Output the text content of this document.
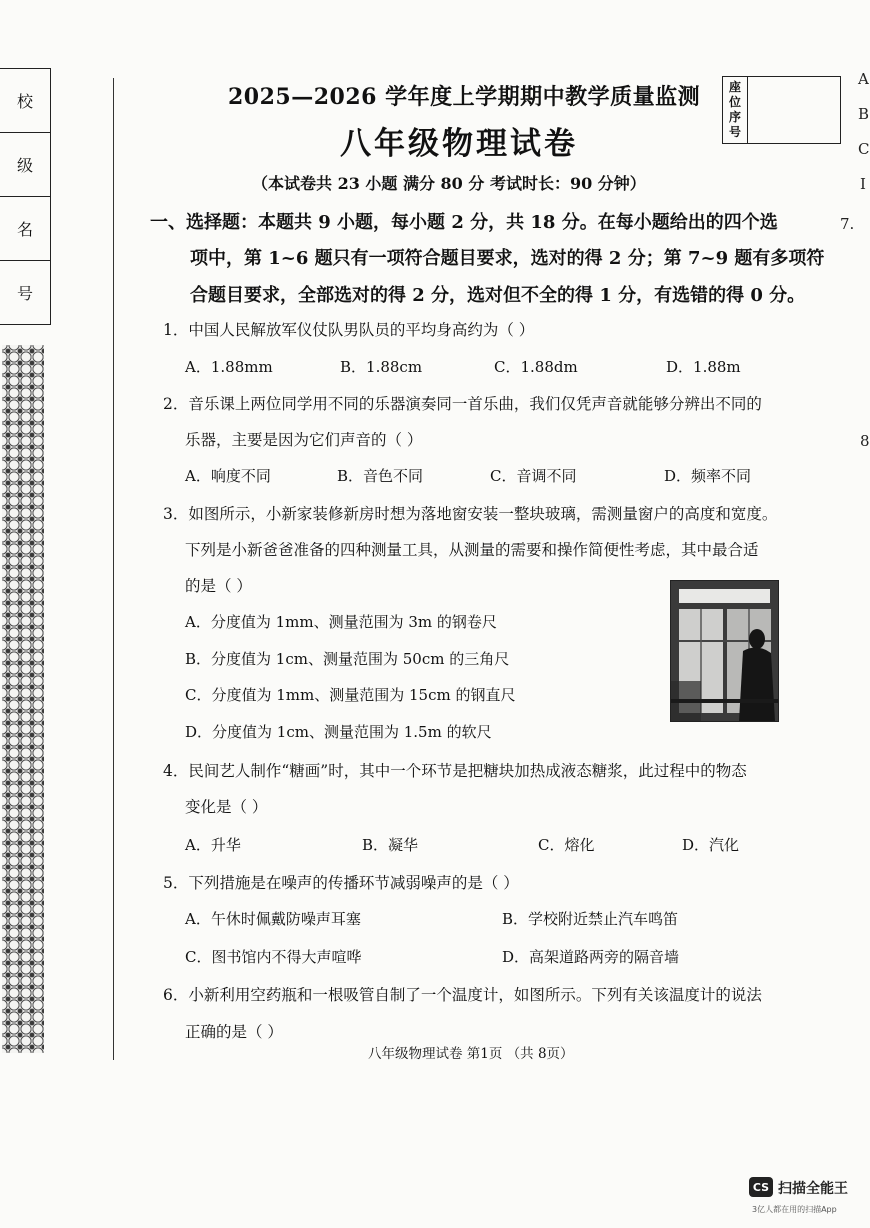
校
级
名
号
座位序号
A
B
C
I
7.
8
2025—2026 学年度上学期期中教学质量监测
八年级物理试卷
（本试卷共 23 小题 满分 80 分 考试时长：90 分钟）
一、选择题：本题共 9 小题，每小题 2 分，共 18 分。在每小题给出的四个选
项中，第 1~6 题只有一项符合题目要求，选对的得 2 分；第 7~9 题有多项符
合题目要求，全部选对的得 2 分，选对但不全的得 1 分，有选错的得 0 分。
1．中国人民解放军仪仗队男队员的平均身高约为（ ）
A．1.88mm	B．1.88cm	C．1.88dm	D．1.88m
2．音乐课上两位同学用不同的乐器演奏同一首乐曲，我们仅凭声音就能够分辨出不同的
乐器，主要是因为它们声音的（ ）
A．响度不同	B．音色不同	C．音调不同	D．频率不同
3．如图所示，小新家装修新房时想为落地窗安装一整块玻璃，需测量窗户的高度和宽度。
下列是小新爸爸准备的四种测量工具，从测量的需要和操作简便性考虑，其中最合适
的是（ ）
A．分度值为 1mm、测量范围为 3m 的钢卷尺
B．分度值为 1cm、测量范围为 50cm 的三角尺
C．分度值为 1mm、测量范围为 15cm 的钢直尺
D．分度值为 1cm、测量范围为 1.5m 的软尺
4．民间艺人制作“糖画”时，其中一个环节是把糖块加热成液态糖浆，此过程中的物态
变化是（ ）
A．升华	B．凝华	C．熔化	D．汽化
5．下列措施是在噪声的传播环节减弱噪声的是（ ）
A．午休时佩戴防噪声耳塞	B．学校附近禁止汽车鸣笛
C．图书馆内不得大声喧哗	D．高架道路两旁的隔音墙
6．小新利用空药瓶和一根吸管自制了一个温度计，如图所示。下列有关该温度计的说法
正确的是（ ）
八年级物理试卷 第1页 （共 8页）
CS 扫描全能王
3亿人都在用的扫描App
